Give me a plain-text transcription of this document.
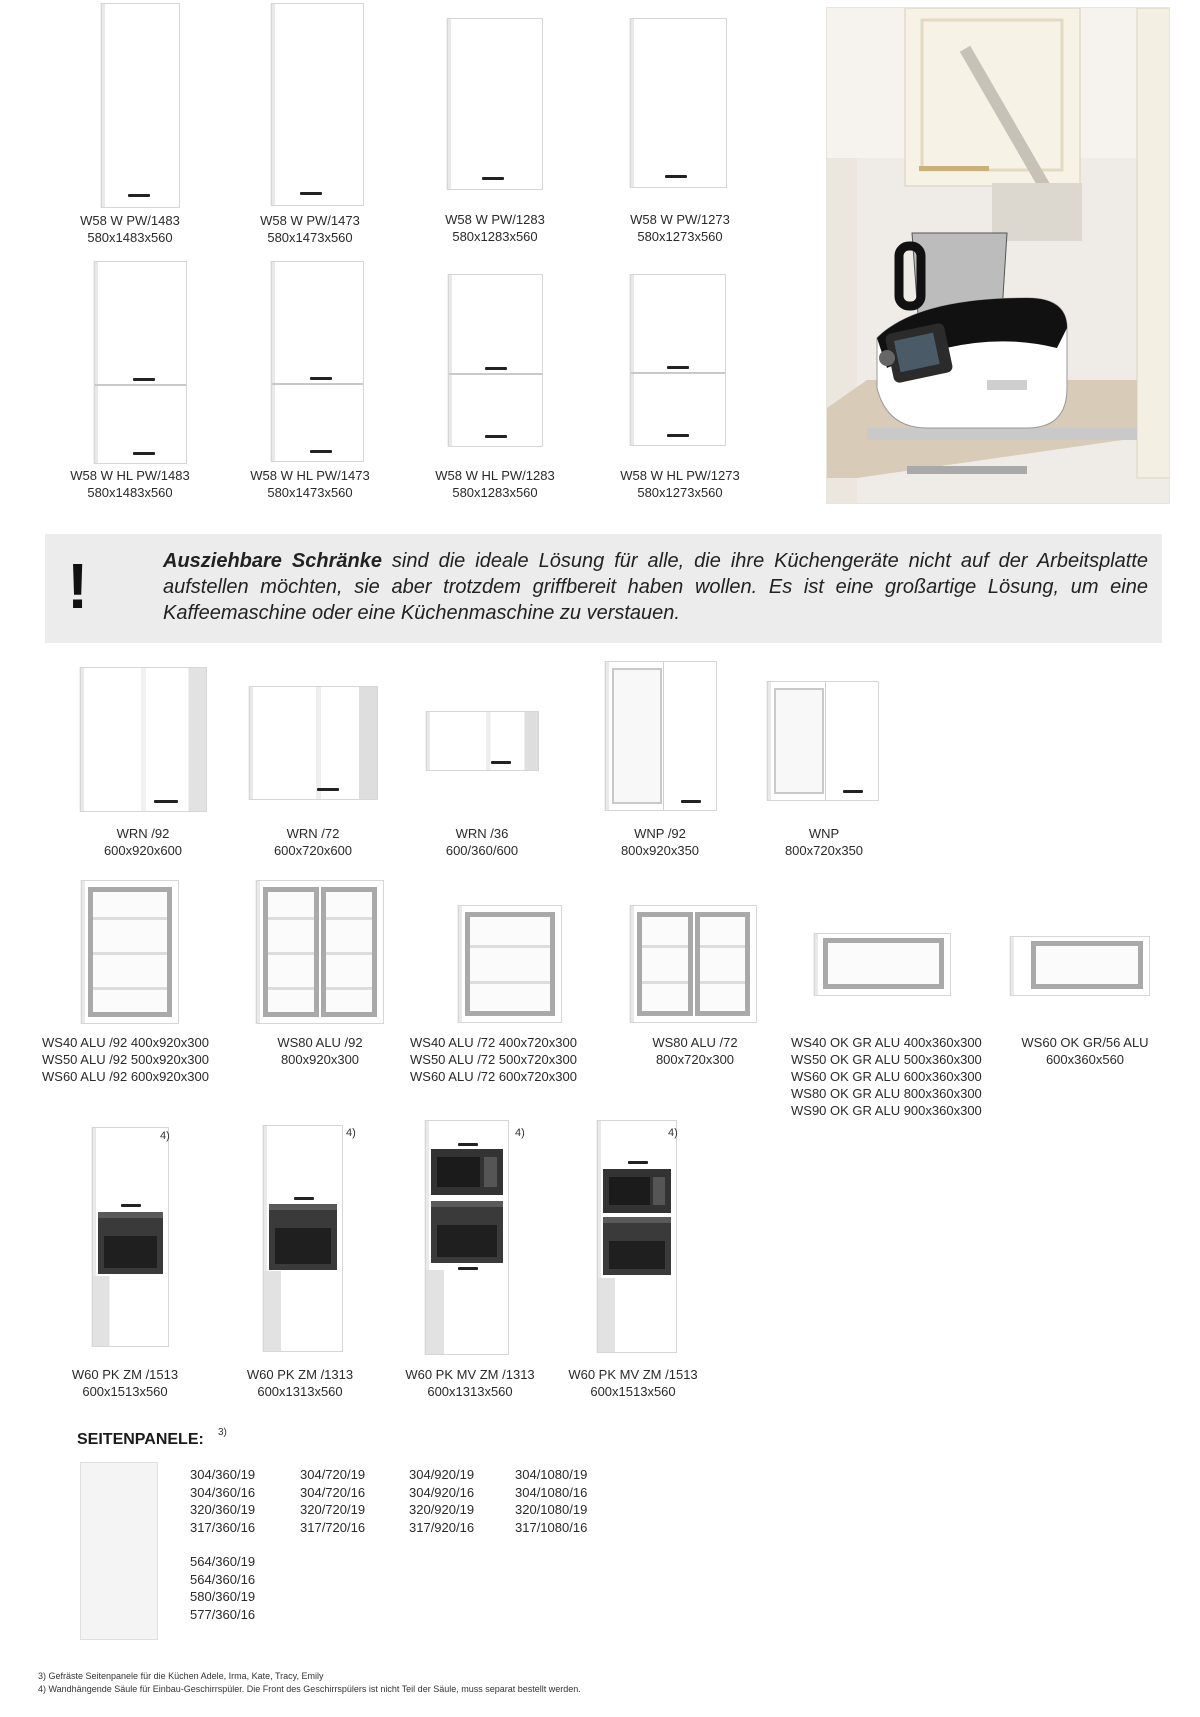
W58 W PW/1483
580x1483x560
W58 W PW/1473
580x1473x560
W58 W PW/1283
580x1283x560
W58 W PW/1273
580x1273x560
W58 W HL PW/1483
580x1483x560
W58 W HL PW/1473
580x1473x560
W58 W HL PW/1283
580x1283x560
W58 W HL PW/1273
580x1273x560
!	Ausziehbare Schränke sind die ideale Lösung für alle, die ihre Küchengeräte nicht auf der Arbeitsplatte aufstellen möchten, sie aber trotzdem griffbereit haben wollen. Es ist eine großartige Lösung, um eine Kaffeemaschine oder eine Küchenmaschine zu verstauen.
WRN /92
600x920x600
WRN /72
600x720x600
WRN /36
600/360/600
WNP /92
800x920x350
WNP
800x720x350
WS40 ALU /92 400x920x300
WS50 ALU /92 500x920x300
WS60 ALU /92 600x920x300
WS80 ALU /92
800x920x300
WS40 ALU /72 400x720x300
WS50 ALU /72 500x720x300
WS60 ALU /72 600x720x300
WS80 ALU /72
800x720x300
WS40 OK GR ALU 400x360x300
WS50 OK GR ALU 500x360x300
WS60 OK GR ALU 600x360x300
WS80 OK GR ALU 800x360x300
WS90 OK GR ALU 900x360x300
WS60 OK GR/56 ALU
600x360x560
4)
W60 PK ZM /1513
600x1513x560
4)
W60 PK ZM /1313
600x1313x560
4)
W60 PK MV ZM /1313
600x1313x560
4)
W60 PK MV ZM /1513
600x1513x560
SEITENPANELE: 3)
304/360/19
304/360/16
320/360/19
317/360/16
304/720/19
304/720/16
320/720/19
317/720/16
304/920/19
304/920/16
320/920/19
317/920/16
304/1080/19
304/1080/16
320/1080/19
317/1080/16
564/360/19
564/360/16
580/360/19
577/360/16
3) Gefräste Seitenpanele für die Küchen Adele, Irma, Kate, Tracy, Emily
4) Wandhängende Säule für Einbau-Geschirrspüler. Die Front des Geschirrspülers ist nicht Teil der Säule, muss separat bestellt werden.
